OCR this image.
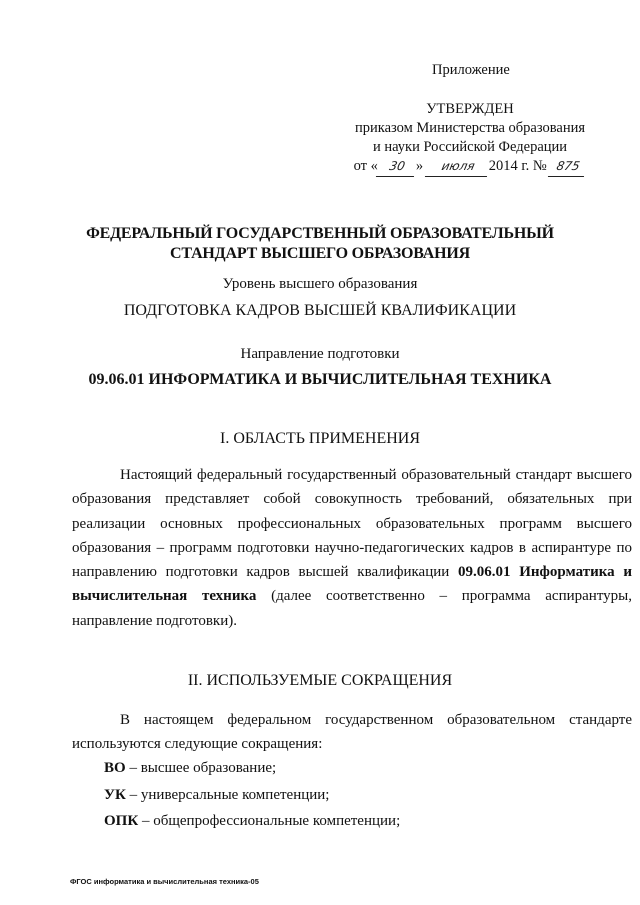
Приложение
УТВЕРЖДЕН
приказом Министерства образования
и науки Российской Федерации
от « 30 » июля 2014 г. № 875
ФЕДЕРАЛЬНЫЙ ГОСУДАРСТВЕННЫЙ ОБРАЗОВАТЕЛЬНЫЙ
СТАНДАРТ ВЫСШЕГО ОБРАЗОВАНИЯ
Уровень высшего образования
ПОДГОТОВКА КАДРОВ ВЫСШЕЙ КВАЛИФИКАЦИИ
Направление подготовки
09.06.01 ИНФОРМАТИКА И ВЫЧИСЛИТЕЛЬНАЯ ТЕХНИКА
I. ОБЛАСТЬ ПРИМЕНЕНИЯ

Настоящий федеральный государственный образовательный стандарт высшего образования представляет собой совокупность требований, обязательных при реализации основных профессиональных образовательных программ высшего образования – программ подготовки научно-педагогических кадров в аспирантуре по направлению подготовки кадров высшей квалификации 09.06.01 Информатика и вычислительная техника (далее соответственно – программа аспирантуры, направление подготовки).

II. ИСПОЛЬЗУЕМЫЕ СОКРАЩЕНИЯ

В настоящем федеральном государственном образовательном стандарте используются следующие сокращения:

ВО – высшее образование;
УК – универсальные компетенции;
ОПК – общепрофессиональные компетенции;
ФГОС информатика и вычислительная техника-05
